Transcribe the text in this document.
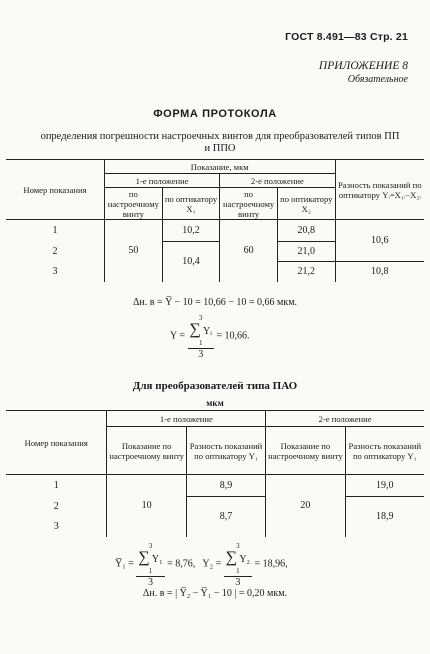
ГОСТ 8.491—83 Стр. 21
ПРИЛОЖЕНИЕ 8
Обязательное
ФОРМА ПРОТОКОЛА
определения погрешности настроечных винтов для преобразователей типов ПП и ППО
Номер показания	Показание, мкм				Разность показаний по оптикатору Yᵢ=X₁ᵢ−X₂ᵢ
	1-е положение		2-е положение		
	по настроечному винту	по оптикатору X₁	по настроечному винту	по оптикатору X₂	
1	50	10,2	60	20,8	10,6
2		10,4		21,0	
3				21,2	10,8
Δн. в = Y̅ − 10 = 10,66 − 10 = 0,66 мкм.
Y =
3
∑ Yᵢ
1
3
= 10,66.
Для преобразователей типа ПАО
мкм
Номер показания	1-е положение		2-е положение	
	Показание по настроечному винту	Разность показаний по оптикатору Y₁	Показание по настроечному винту	Разность показаний по оптикатору Y₁
1	10	8,9	20	19,0
2		8,7		18,9
3				
Y̅₁ =
3
∑ Y₁
1
3
= 8,76, Y₂ =
3
∑ Y₂
1
3
= 18,96,
Δн. в = | Y̅₂ − Y̅₁ − 10 | = 0,20 мкм.
